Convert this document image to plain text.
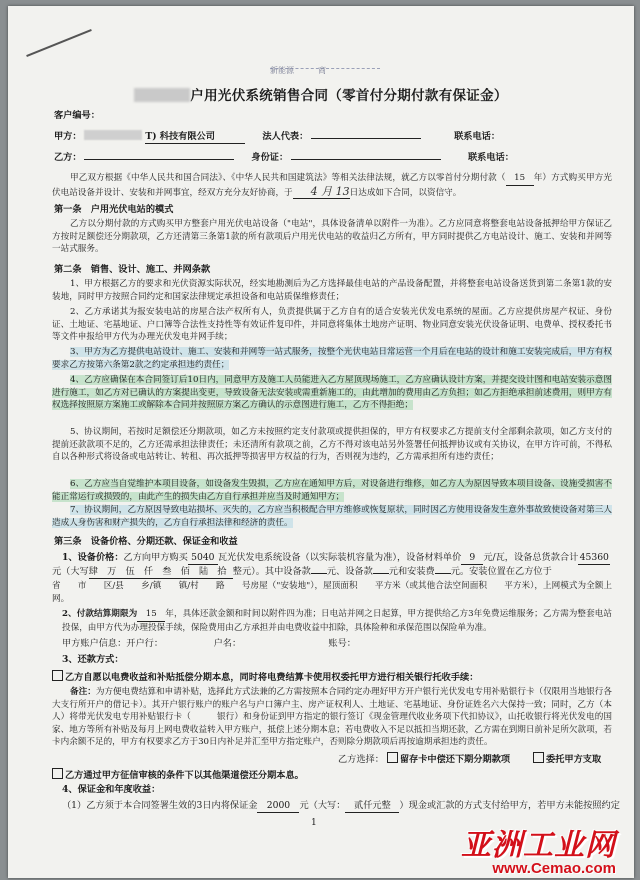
新能源　　　商
户用光伏系统销售合同（零首付分期付款有保证金）
客户编号：
甲方：	T) 科技有限公司	法人代表：	联系电话：
乙方：	身份证：	联系电话：
甲乙双方根据《中华人民共和国合同法》、《中华人民共和国建筑法》等相关法律法规，就乙方以零首付分期付款（ 15 年）方式购买甲方光伏电站设备并设计、安装和并网事宜，经双方充分友好协商，于 4 月 13日达成如下合同，以资信守。
第一条　户用光伏电站的模式
乙方以分期付款的方式购买甲方整套户用光伏电站设备（"电站"，具体设备清单以附件一为准）。乙方应同意将整套电站设备抵押给甲方保证乙方按时足额偿还分期款项，乙方还清第三条第1款的所有款项后户用光伏电站的收益归乙方所有，甲方同时提供乙方电站设计、施工、安装和并网等一站式服务。
第二条　销售、设计、施工、并网条款
1、甲方根据乙方的要求和光伏资源实际状况，经实地勘测后为乙方选择最佳电站的产品设备配置，并将整套电站设备送货到第二条第1款的安装地，同时甲方按照合同约定和国家法律规定承担设备和电站质保维修责任；
2、乙方承诺其为报安装电站的房屋合法产权所有人，负责提供属于乙方自有的适合安装光伏发电系统的屋面。乙方应提供房屋产权证、身份证、土地证、宅基地证、户口簿等合法性支持性等有效证件复印件，并同意将集体土地房产证明、物业同意安装光伏设备证明、电费单、授权委托书等文件申报给甲方代为办理光伏发电并网手续；
3、甲方为乙方提供电站设计、施工、安装和并网等一站式服务，按整个光伏电站日常运营一个月后在电站的设计和施工安装完成后，甲方有权要求乙方按第六条第2款之约定承担违约责任；
4、乙方应确保在本合同签订后10日内，同意甲方及施工人员能进入乙方屋顶现场施工，乙方应确认设计方案，并提交设计图和电站安装示意图进行施工，如乙方对已确认的方案提出变更，导致设备无法安装或需重新施工的，由此增加的费用由乙方负担；如乙方拒绝承担前述费用，则甲方有权选择按照原方案施工或解除本合同并按照原方案乙方确认的示意图进行施工，乙方不得拒绝；
5、协议期间，若按时足额偿还分期款项，如乙方未按照约定支付款项或提供担保的，甲方有权要求乙方提前支付全部剩余款项，如乙方支付的提前还款款项不足的，乙方还需承担法律责任；未还清所有款项之前，乙方不得对该电站另外签署任何抵押协议或有关协议，在甲方许可前，不得私自以各种形式将设备或电站转让、转租、再次抵押等损害甲方权益的行为，否则视为违约，乙方需承担所有违约责任；
6、乙方应当自觉维护本项目设备，如设备发生毁损，乙方应在通知甲方后，对设备进行维修，如乙方人为原因导致本项目设备、设施受损害不能正常运行或损毁的，由此产生的损失由乙方自行承担并应当及时通知甲方；
7、协议期间，乙方原因导致电站损坏、灭失的，乙方应当积极配合甲方维修或恢复原状，同时因乙方使用设备发生意外事故致使设备对第三人造成人身伤害和财产损失的，乙方自行承担法律和经济的责任。
第三条　设备价格、分期还款、保证金和收益
1、设备价格：乙方向甲方购买 5040 瓦光伏发电系统设备（以实际装机容量为准），设备材料单价 9 元/瓦，设备总货款合计45360
元（大写肆　万　伍　仟　叁　佰　陆　拾 整元）。其中设备款 元、设备款 元和安装费 元。安装位置在乙方位于
省　　市　　区/县　　乡/镇　　镇/村　　路　　号房屋（"安装地"），屋顶面积　　平方米（或其他合法空间面积　　平方米），上网模式为全额上网。
2、付款结算期限为 15 年，具体还款金额和时间以附件四为准；日电站并网之日起算，甲方提供给乙方3年免费运维服务；乙方需为整套电站投保，由甲方代为办理投保手续，保险费用由乙方承担并由电费收益中扣除，具体险种和承保范围以保险单为准。
甲方账户信息：开户行：　　　　　　户名：　　　　　　　　　　账号：
3、还款方式：
乙方自愿以电费收益和补贴抵偿分期本息，同时将电费结算卡使用权委托甲方进行相关银行托收手续：
备注：为方便电费结算和申请补贴，选择此方式法兼的乙方需按照本合同约定办理好甲方开户银行光伏发电专用补贴银行卡（仅限用当地银行各大支行所开户的借记卡）。其开户银行账户的账户名与户口簿户主、房产证权利人、土地证、宅基地证、身份证姓名六大保持一致；同时，乙方（本人）将带光伏发电专用补贴银行卡（　　　银行）和身份证到甲方指定的银行签订《现金管理代收业务项下代扣协议》，山托收银行将光伏发电的国家、地方等所有补贴及每月上网电费收益转入甲方账户，抵偿上述分期本息；若电费收入不足以抵扣当期还款，乙方需在到期日前补足所欠款项，若卡内余额不足的，甲方有权要求乙方于30日内补足并汇至甲方指定账户，否则除分期款项后再按逾期承担违约责任。
乙方选择： 留存卡中偿还下期分期款项	委托甲方支取
乙方通过甲方征信审核的条件下以其他渠道偿还分期本息。
4、保证金和年度收益：
（1）乙方须于本合同签署生效的3日内将保证金 2000 元（大写： 贰仟元整 ）现金或汇款的方式支付给甲方，若甲方未能按照约定
1
亚洲工业网
www.Cemao.com
